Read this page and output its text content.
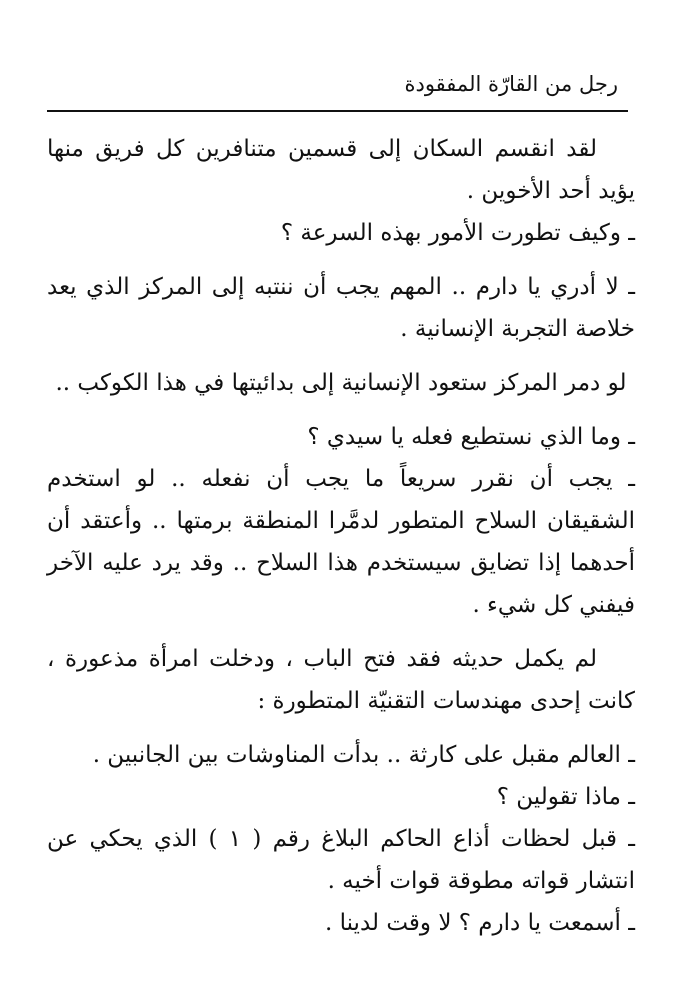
رجل من القارّة المفقودة

لقد انقسم السكان إلى قسمين متنافرين كل فريق منها يؤيد أحد الأخوين .

ـ وكيف تطورت الأمور بهذه السرعة ؟

ـ لا أدري يا دارم .. المهم يجب أن ننتبه إلى المركز الذي يعد خلاصة التجربة الإنسانية .

لو دمر المركز ستعود الإنسانية إلى بدائيتها في هذا الكوكب ..

ـ وما الذي نستطيع فعله يا سيدي ؟

ـ يجب أن نقرر سريعاً ما يجب أن نفعله .. لو استخدم الشقيقان السلاح المتطور لدمَّرا المنطقة برمتها .. وأعتقد أن أحدهما إذا تضايق سيستخدم هذا السلاح .. وقد يرد عليه الآخر فيفني كل شيء .

لم يكمل حديثه فقد فتح الباب ، ودخلت امرأة مذعورة ، كانت إحدى مهندسات التقنيّة المتطورة :

ـ العالم مقبل على كارثة .. بدأت المناوشات بين الجانبين .

ـ ماذا تقولين ؟

ـ قبل لحظات أذاع الحاكم البلاغ رقم ( ١ ) الذي يحكي عن انتشار قواته مطوقة قوات أخيه .

ـ أسمعت يا دارم ؟ لا وقت لدينا .
